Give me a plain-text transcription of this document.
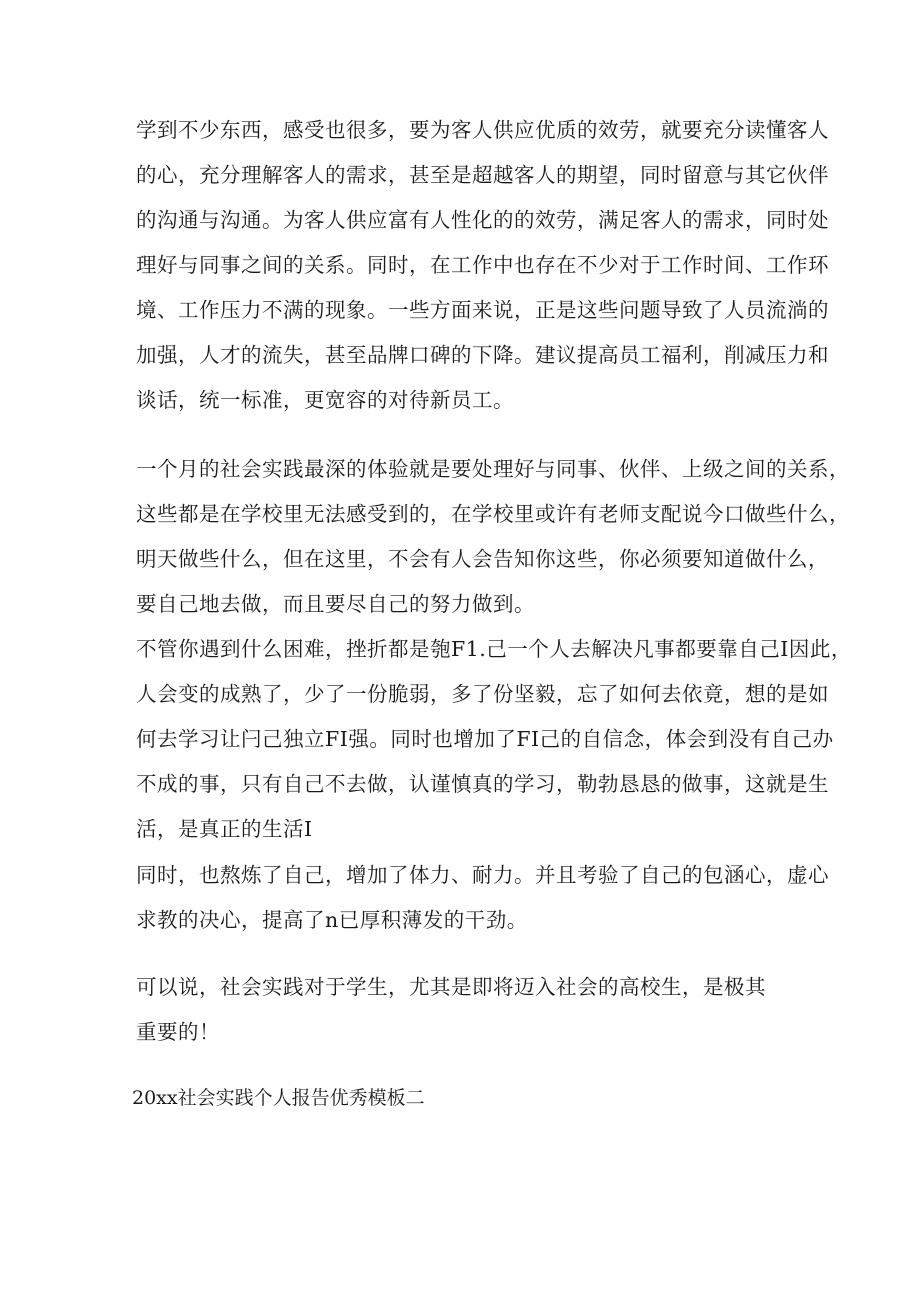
学到不少东西，感受也很多，要为客人供应优质的效劳，就要充分读懂客人
的心，充分理解客人的需求，甚至是超越客人的期望，同时留意与其它伙伴
的沟通与沟通。为客人供应富有人性化的的效劳，满足客人的需求，同时处
理好与同事之间的关系。同时，在工作中也存在不少对于工作时间、工作环
境、工作压力不满的现象。一些方面来说，正是这些问题导致了人员流淌的
加强，人才的流失，甚至品牌口碑的下降。建议提高员工福利，削减压力和
谈话，统一标准，更宽容的对待新员工。

一个月的社会实践最深的体验就是要处理好与同事、伙伴、上级之间的关系，
这些都是在学校里无法感受到的，在学校里或许有老师支配说今口做些什么，
明天做些什么，但在这里，不会有人会告知你这些，你必须要知道做什么，
要自己地去做，而且要尽自己的努力做到。

不管你遇到什么困难，挫折都是匏F1.己一个人去解决凡事都要靠自己I因此，
人会变的成熟了，少了一份脆弱，多了份坚毅，忘了如何去依竟，想的是如
何去学习让闩己独立FI强。同时也增加了FI己的自信念，体会到没有自己办
不成的事，只有自己不去做，认谨慎真的学习，勒勃恳恳的做事，这就是生
活，是真正的生活I

同时，也熬炼了自己，增加了体力、耐力。并且考验了自己的包涵心，虚心
求教的决心，提高了n已厚积薄发的干劲。

可以说，社会实践对于学生，尤其是即将迈入社会的高校生，是极其
重要的！

20xx社会实践个人报告优秀模板二
